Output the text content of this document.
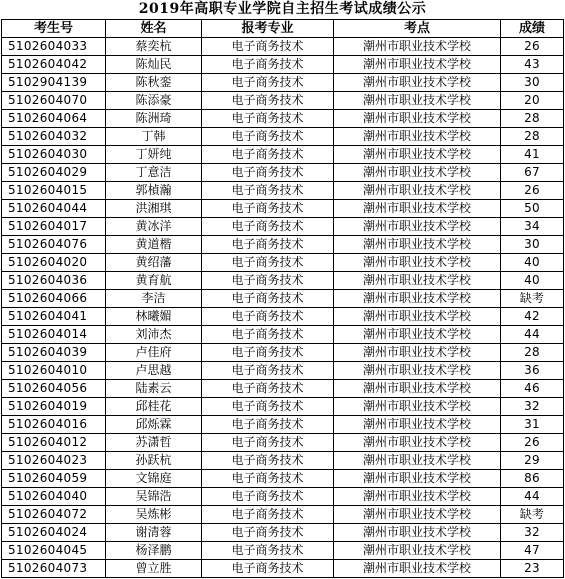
2019年高职专业学院自主招生考试成绩公示
考生号	姓名	报考专业	考点	成绩
5102604033	蔡奕杭	电子商务技术	潮州市职业技术学校	26
5102604042	陈灿民	电子商务技术	潮州市职业技术学校	43
5102904139	陈秋銮	电子商务技术	潮州市职业技术学校	30
5102604070	陈添豪	电子商务技术	潮州市职业技术学校	20
5102604064	陈洲琦	电子商务技术	潮州市职业技术学校	28
5102604032	丁韩	电子商务技术	潮州市职业技术学校	28
5102604030	丁妍纯	电子商务技术	潮州市职业技术学校	41
5102604029	丁意洁	电子商务技术	潮州市职业技术学校	67
5102604015	郭楨瀚	电子商务技术	潮州市职业技术学校	26
5102604044	洪湘琪	电子商务技术	潮州市职业技术学校	50
5102604017	黄冰洋	电子商务技术	潮州市职业技术学校	34
5102604076	黄道楷	电子商务技术	潮州市职业技术学校	30
5102604020	黄绍藩	电子商务技术	潮州市职业技术学校	40
5102604036	黄育航	电子商务技术	潮州市职业技术学校	40
5102604066	李洁	电子商务技术	潮州市职业技术学校	缺考
5102604041	林曦媚	电子商务技术	潮州市职业技术学校	42
5102604014	刘沛杰	电子商务技术	潮州市职业技术学校	44
5102604039	卢佳府	电子商务技术	潮州市职业技术学校	28
5102604010	卢思越	电子商务技术	潮州市职业技术学校	36
5102604056	陆素云	电子商务技术	潮州市职业技术学校	46
5102604019	邱桂花	电子商务技术	潮州市职业技术学校	32
5102604016	邱烁霖	电子商务技术	潮州市职业技术学校	31
5102604012	苏潇哲	电子商务技术	潮州市职业技术学校	26
5102604023	孙跃杭	电子商务技术	潮州市职业技术学校	29
5102604059	文锦庭	电子商务技术	潮州市职业技术学校	86
5102604040	吴锦浩	电子商务技术	潮州市职业技术学校	44
5102604072	吴炼彬	电子商务技术	潮州市职业技术学校	缺考
5102604024	谢清蓉	电子商务技术	潮州市职业技术学校	32
5102604045	杨泽鹏	电子商务技术	潮州市职业技术学校	47
5102604073	曾立胜	电子商务技术	潮州市职业技术学校	23
